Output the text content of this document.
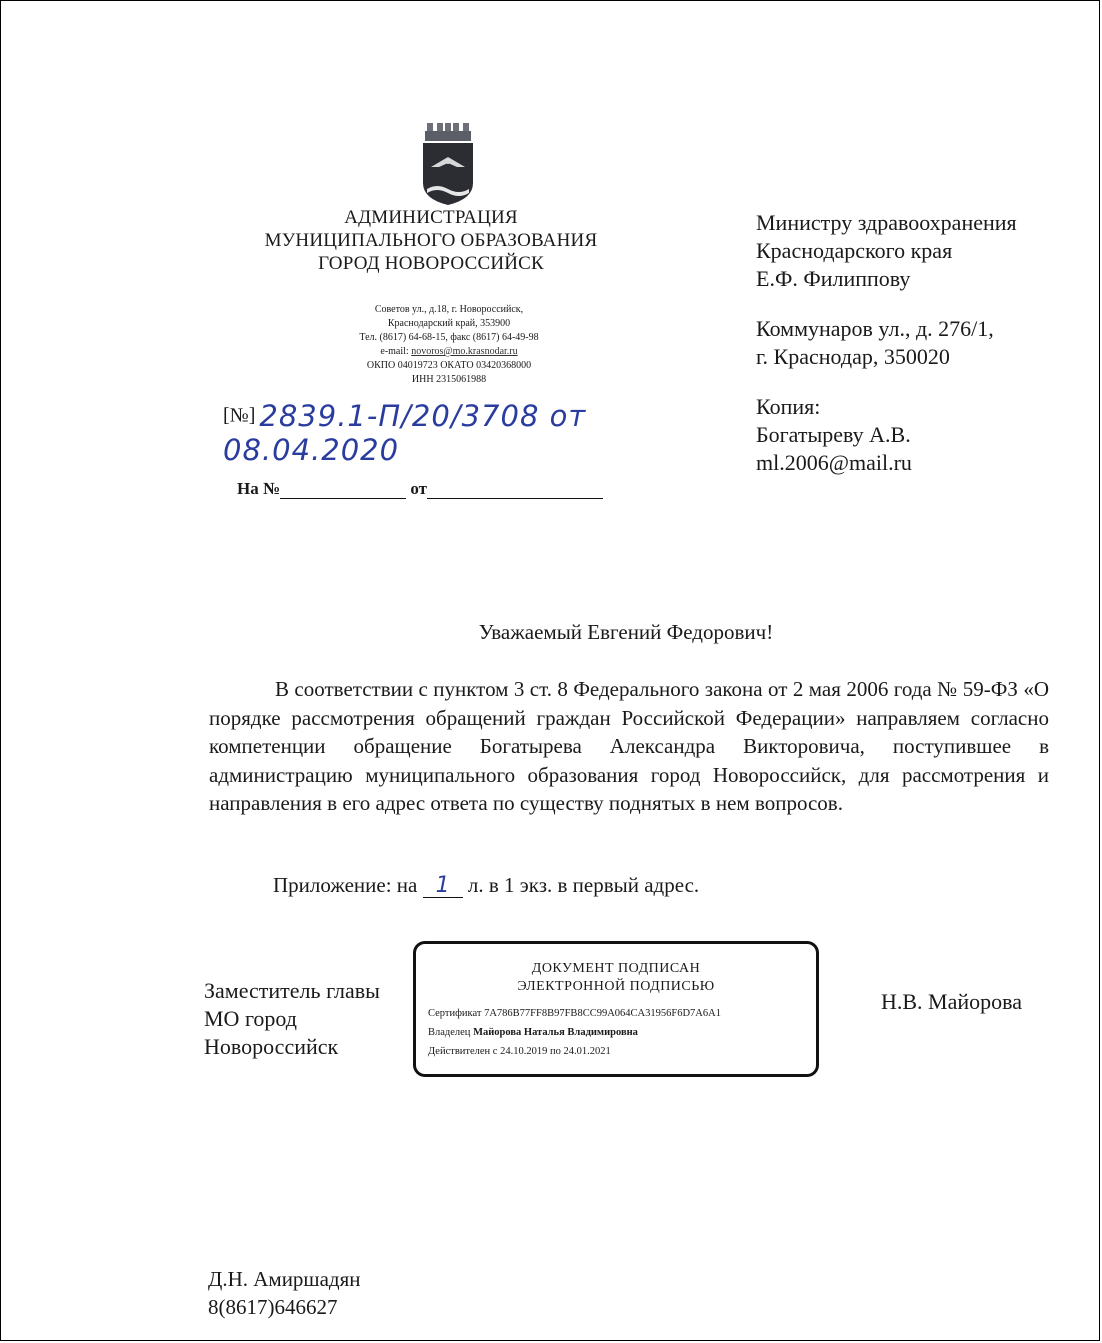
АДМИНИСТРАЦИЯ
МУНИЦИПАЛЬНОГО ОБРАЗОВАНИЯ
ГОРОД НОВОРОССИЙСК
Советов ул., д.18, г. Новороссийск,
Краснодарский край, 353900
Тел. (8617) 64-68-15, факс (8617) 64-49-98
e-mail: novoros@mo.krasnodar.ru
ОКПО 04019723 ОКАТО 03420368000
ИНН 2315061988
[№] 2839.1-П/20/3708 от 08.04.2020
На №	от
Министру здравоохранения
Краснодарского края
Е.Ф. Филиппову
Коммунаров ул., д. 276/1,
г. Краснодар, 350020
Копия:
Богатыреву А.В.
ml.2006@mail.ru
Уважаемый Евгений Федорович!
В соответствии с пунктом 3 ст. 8 Федерального закона от 2 мая 2006 года № 59-ФЗ «О порядке рассмотрения обращений граждан Российской Федерации» направляем согласно компетенции обращение Богатырева Александра Викторовича, поступившее в администрацию муниципального образования город Новороссийск, для рассмотрения и направления в его адрес ответа по существу поднятых в нем вопросов.
Приложение: на 1 л. в 1 экз. в первый адрес.
Заместитель главы
МО город
Новороссийск
ДОКУМЕНТ ПОДПИСАН
ЭЛЕКТРОННОЙ ПОДПИСЬЮ
Сертификат 7A786B77FF8B97FB8CC99A064CA31956F6D7A6A1
Владелец Майорова Наталья Владимировна
Действителен с 24.10.2019 по 24.01.2021
Н.В. Майорова
Д.Н. Амиршадян
8(8617)646627
